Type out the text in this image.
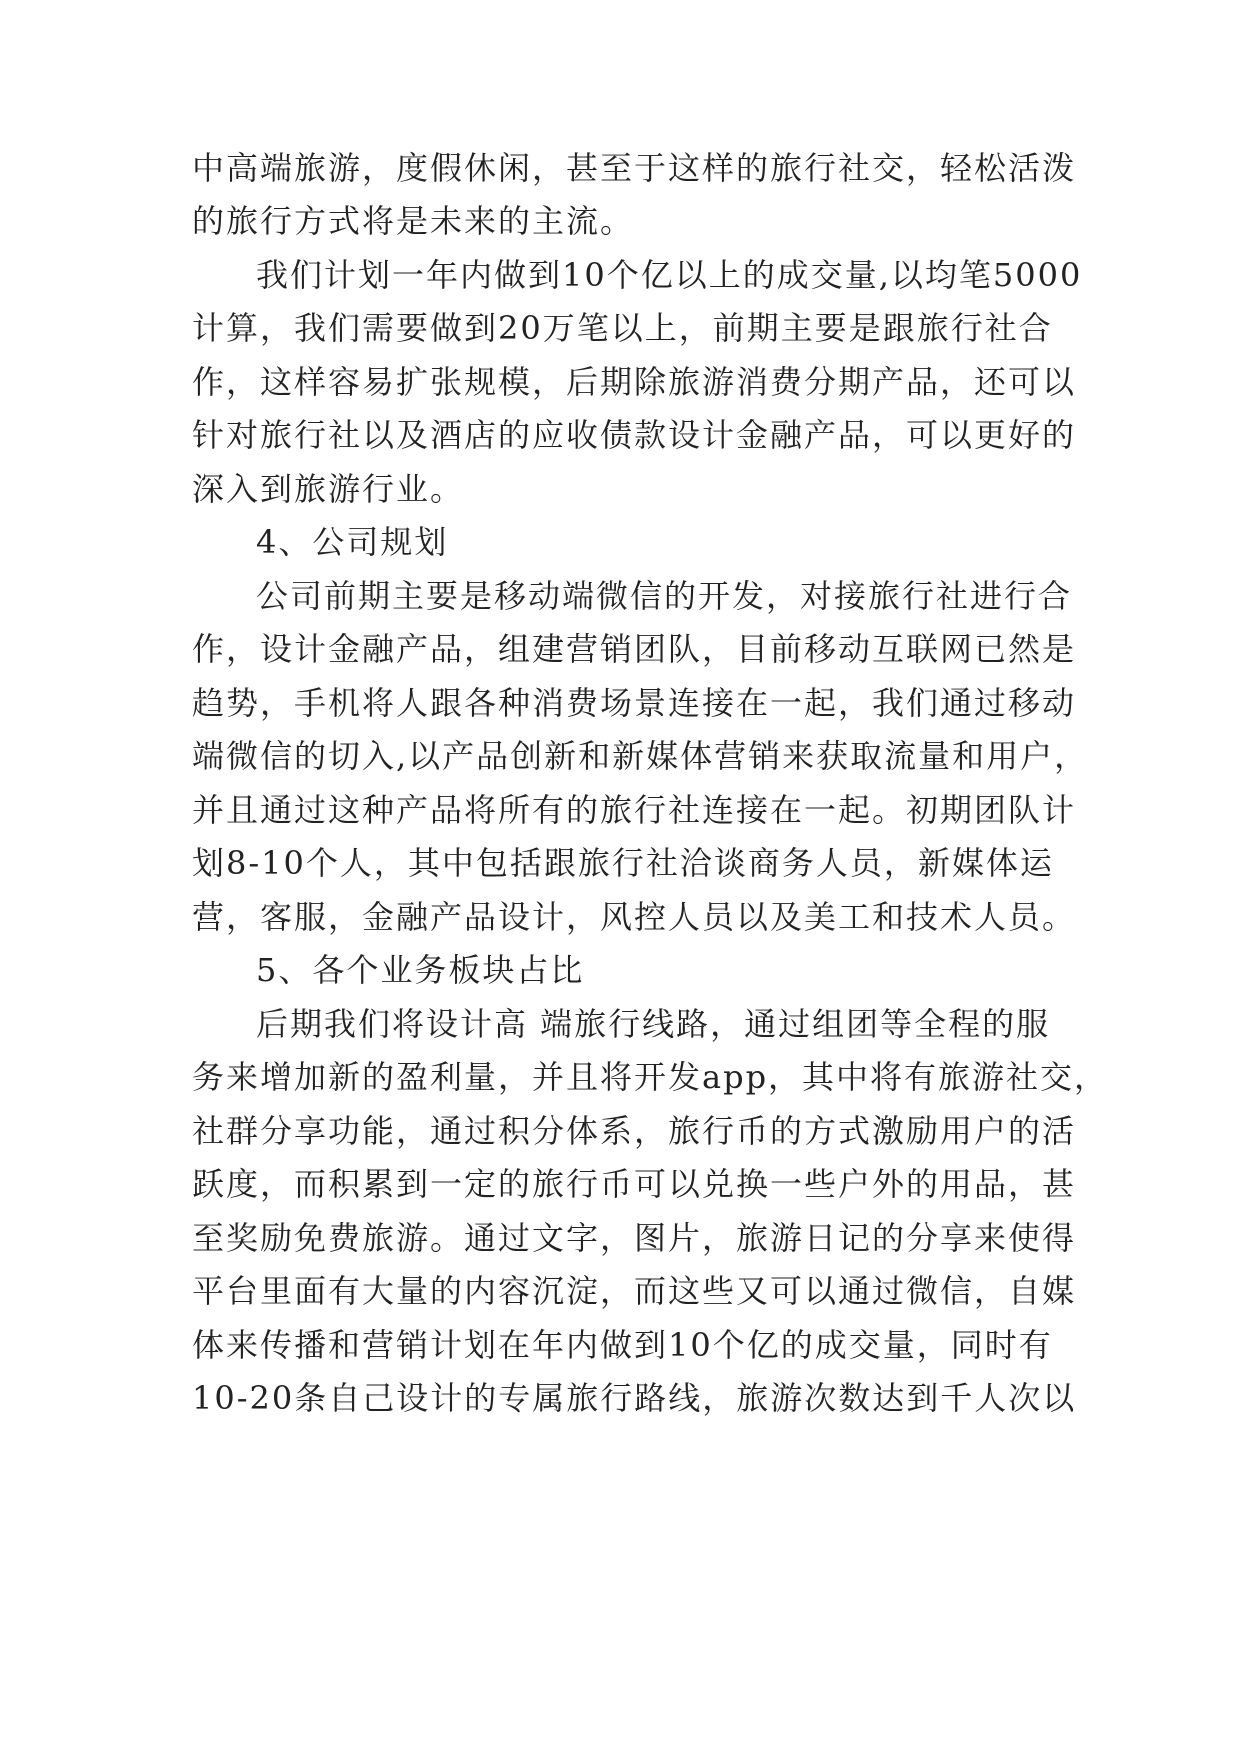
中高端旅游，度假休闲，甚至于这样的旅行社交，轻松活泼
的旅行方式将是未来的主流。
我们计划一年内做到10个亿以上的成交量,以均笔5000
计算，我们需要做到20万笔以上，前期主要是跟旅行社合
作，这样容易扩张规模，后期除旅游消费分期产品，还可以
针对旅行社以及酒店的应收债款设计金融产品，可以更好的
深入到旅游行业。
4、公司规划
公司前期主要是移动端微信的开发，对接旅行社进行合
作，设计金融产品，组建营销团队，目前移动互联网已然是
趋势，手机将人跟各种消费场景连接在一起，我们通过移动
端微信的切入,以产品创新和新媒体营销来获取流量和用户，
并且通过这种产品将所有的旅行社连接在一起。初期团队计
划8-10个人，其中包括跟旅行社洽谈商务人员，新媒体运
营，客服，金融产品设计，风控人员以及美工和技术人员。
5、各个业务板块占比
后期我们将设计高 端旅行线路，通过组团等全程的服
务来增加新的盈利量，并且将开发app，其中将有旅游社交，
社群分享功能，通过积分体系，旅行币的方式激励用户的活
跃度，而积累到一定的旅行币可以兑换一些户外的用品，甚
至奖励免费旅游。通过文字，图片，旅游日记的分享来使得
平台里面有大量的内容沉淀，而这些又可以通过微信，自媒
体来传播和营销计划在年内做到10个亿的成交量，同时有
10-20条自己设计的专属旅行路线，旅游次数达到千人次以
